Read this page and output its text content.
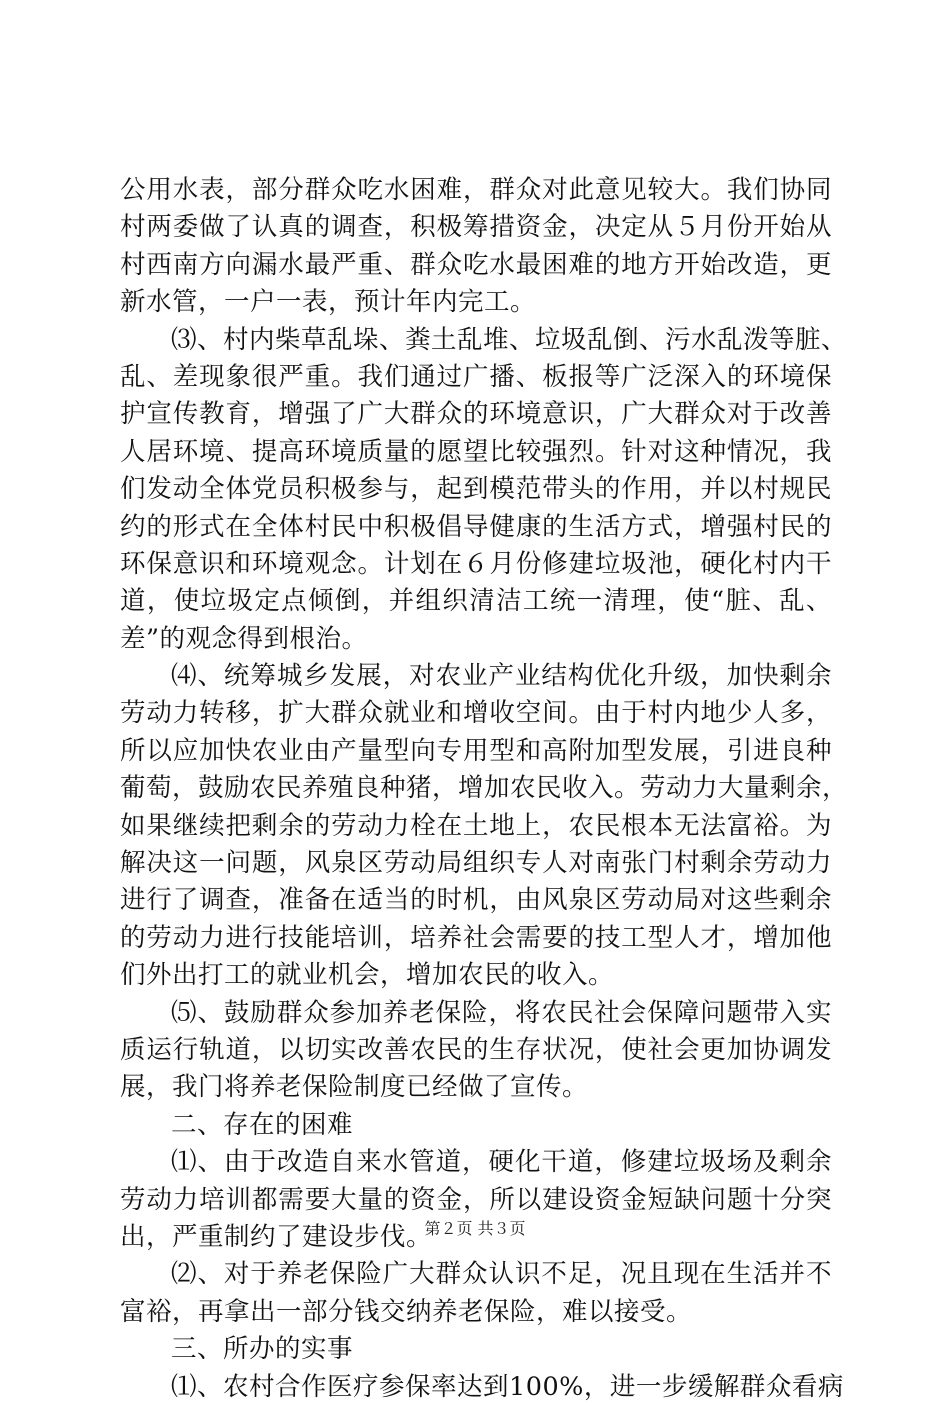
公用水表，部分群众吃水困难，群众对此意见较大。我们协同
村两委做了认真的调查，积极筹措资金，决定从５月份开始从
村西南方向漏水最严重、群众吃水最困难的地方开始改造，更
新水管，一户一表，预计年内完工。
⑶、村内柴草乱垛、粪土乱堆、垃圾乱倒、污水乱泼等脏、
乱、差现象很严重。我们通过广播、板报等广泛深入的环境保
护宣传教育，增强了广大群众的环境意识，广大群众对于改善
人居环境、提高环境质量的愿望比较强烈。针对这种情况，我
们发动全体党员积极参与，起到模范带头的作用，并以村规民
约的形式在全体村民中积极倡导健康的生活方式，增强村民的
环保意识和环境观念。计划在６月份修建垃圾池，硬化村内干
道，使垃圾定点倾倒，并组织清洁工统一清理，使“脏、乱、
差”的观念得到根治。
⑷、统筹城乡发展，对农业产业结构优化升级，加快剩余
劳动力转移，扩大群众就业和增收空间。由于村内地少人多，
所以应加快农业由产量型向专用型和高附加型发展，引进良种
葡萄，鼓励农民养殖良种猪，增加农民收入。劳动力大量剩余，
如果继续把剩余的劳动力栓在土地上，农民根本无法富裕。为
解决这一问题，风泉区劳动局组织专人对南张门村剩余劳动力
进行了调查，准备在适当的时机，由风泉区劳动局对这些剩余
的劳动力进行技能培训，培养社会需要的技工型人才，增加他
们外出打工的就业机会，增加农民的收入。
⑸、鼓励群众参加养老保险，将农民社会保障问题带入实
质运行轨道，以切实改善农民的生存状况，使社会更加协调发
展，我门将养老保险制度已经做了宣传。
二、存在的困难
⑴、由于改造自来水管道，硬化干道，修建垃圾场及剩余
劳动力培训都需要大量的资金，所以建设资金短缺问题十分突
出，严重制约了建设步伐。
⑵、对于养老保险广大群众认识不足，况且现在生活并不
富裕，再拿出一部分钱交纳养老保险，难以接受。
三、所办的实事
⑴、农村合作医疗参保率达到100%，进一步缓解群众看病
第２页 共３页
